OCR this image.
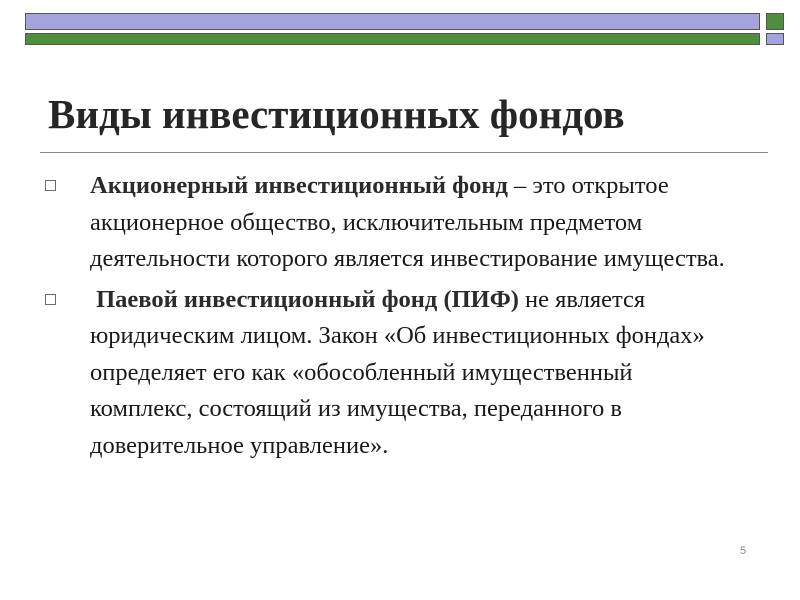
Виды инвестиционных фондов
Акционерный инвестиционный фонд – это открытое акционерное общество, исключительным предметом деятельности которого является инвестирование имущества.
Паевой инвестиционный фонд (ПИФ) не является юридическим лицом. Закон «Об инвестиционных фондах» определяет его как «обособленный имущественный комплекс, состоящий из имущества, переданного в доверительное управление».
5
